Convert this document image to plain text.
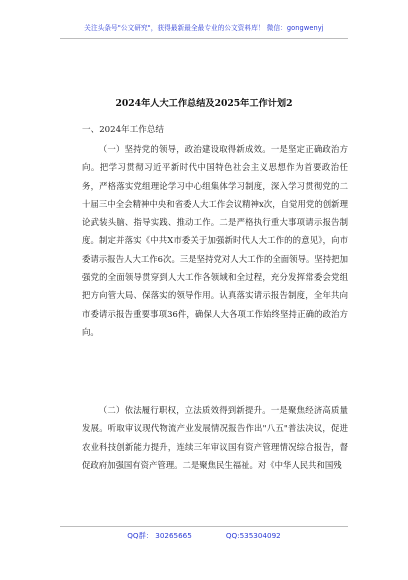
关注头条号"公文研究"，获得最新最全最专业的公文资料库！ 微信：gongwenyj
2024年人大工作总结及2025年工作计划2
一、2024年工作总结
（一）坚持党的领导，政治建设取得新成效。一是坚定正确政治方向。把学习贯彻习近平新时代中国特色社会主义思想作为首要政治任务，严格落实党组理论学习中心组集体学习制度，深入学习贯彻党的二十届三中全会精神中央和省委人大工作会议精神x次，自觉用党的创新理论武装头脑、指导实践、推动工作。二是严格执行重大事项请示报告制度。制定并落实《中共X市委关于加强新时代人大工作的的意见》，向市委请示报告人大工作6次。三是坚持党对人大工作的全面领导。坚持把加强党的全面领导贯穿到人大工作各领域和全过程，充分发挥常委会党组把方向管大局、保落实的领导作用。认真落实请示报告制度，全年共向市委请示报告重要事项36件，确保人大各项工作始终坚持正确的政治方向。
（二）依法履行职权，立法质效得到新提升。一是聚焦经济高质量发展。听取审议现代物流产业发展情况报告作出"八五"普法决议，促进农业科技创新能力提升，连续三年审议国有资产管理情况综合报告，督促政府加强国有资产管理。二是聚焦民生福祉。对《中华人民共和国残
QQ群： 30265665	QQ:535304092
